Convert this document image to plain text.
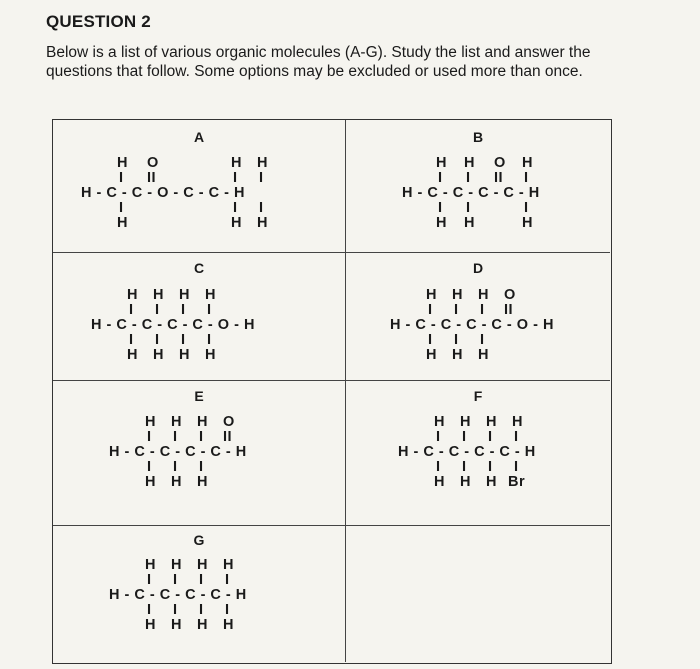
QUESTION 2
Below is a list of various organic molecules (A-G). Study the list and answer the questions that follow. Some options may be excluded or used more than once.
A

H O	H H

I II	I I

H - C - C - O - C - C - H

I	I I

H	H H

B

H H O H

I I II I

H - C - C - C - C - H

I I	I

H H	H

C

H H H H

I I I I

H - C - C - C - C - O - H

I I I I

H H H H

D

H H H O

I I I II

H - C - C - C - C - O - H

I I I

H H H

E

H H H O

I I I II

H - C - C - C - C - H

I I I

H H H

F

H H H H

I I I I

H - C - C - C - C - H

I I I I

H H H Br

G

H H H H

I I I I

H - C - C - C - C - H

I I I I

H H H H
